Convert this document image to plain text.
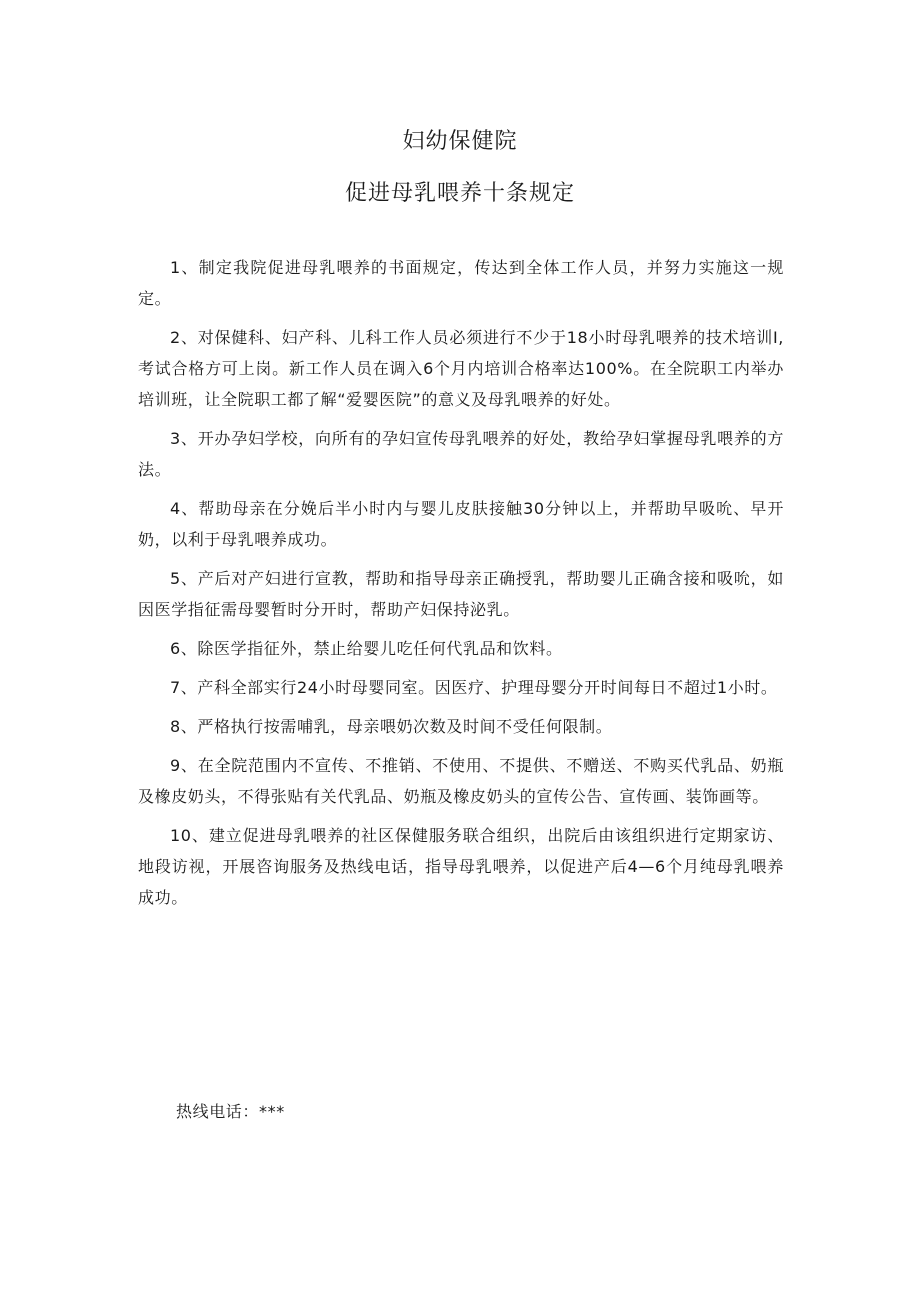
妇幼保健院
促进母乳喂养十条规定

1、制定我院促进母乳喂养的书面规定，传达到全体工作人员，并努力实施这一规定。

2、对保健科、妇产科、儿科工作人员必须进行不少于18小时母乳喂养的技术培训I,考试合格方可上岗。新工作人员在调入6个月内培训合格率达100%。在全院职工内举办培训班，让全院职工都了解“爱婴医院”的意义及母乳喂养的好处。

3、开办孕妇学校，向所有的孕妇宣传母乳喂养的好处，教给孕妇掌握母乳喂养的方法。

4、帮助母亲在分娩后半小时内与婴儿皮肤接触30分钟以上，并帮助早吸吮、早开奶，以利于母乳喂养成功。

5、产后对产妇进行宣教，帮助和指导母亲正确授乳，帮助婴儿正确含接和吸吮，如因医学指征需母婴暂时分开时，帮助产妇保持泌乳。

6、除医学指征外，禁止给婴儿吃任何代乳品和饮料。

7、产科全部实行24小时母婴同室。因医疗、护理母婴分开时间每日不超过1小时。

8、严格执行按需哺乳，母亲喂奶次数及时间不受任何限制。

9、在全院范围内不宣传、不推销、不使用、不提供、不赠送、不购买代乳品、奶瓶及橡皮奶头，不得张贴有关代乳品、奶瓶及橡皮奶头的宣传公告、宣传画、装饰画等。

10、建立促进母乳喂养的社区保健服务联合组织，出院后由该组织进行定期家访、地段访视，开展咨询服务及热线电话，指导母乳喂养，以促进产后4—6个月纯母乳喂养成功。

热线电话：***
